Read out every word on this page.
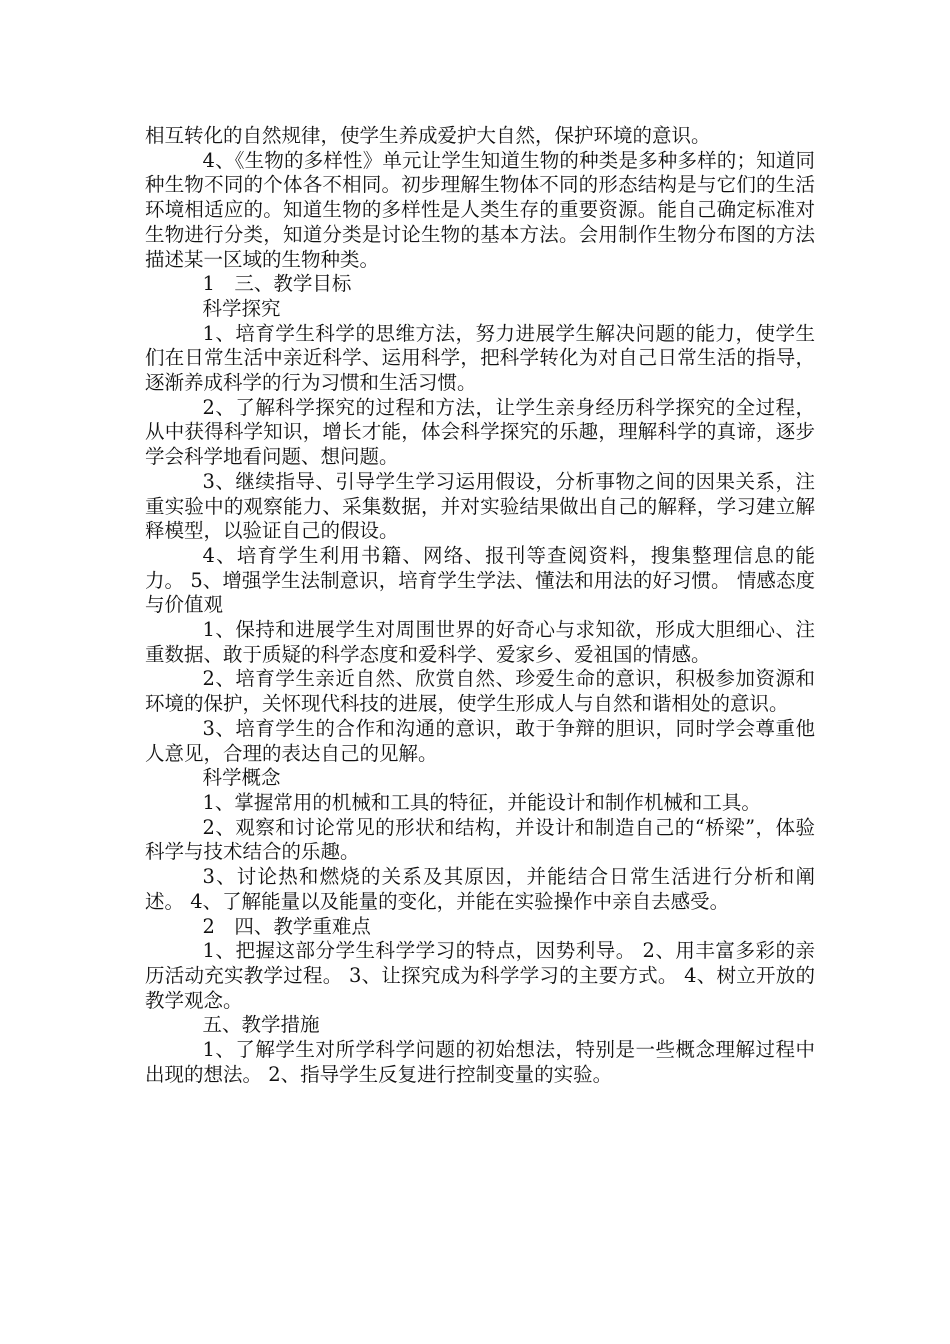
相互转化的自然规律，使学生养成爱护大自然，保护环境的意识。

4、《生物的多样性》单元让学生知道生物的种类是多种多样的；知道同种生物不同的个体各不相同。初步理解生物体不同的形态结构是与它们的生活环境相适应的。知道生物的多样性是人类生存的重要资源。能自己确定标准对生物进行分类，知道分类是讨论生物的基本方法。会用制作生物分布图的方法描述某一区域的生物种类。

1　三、教学目标

科学探究

1、培育学生科学的思维方法，努力进展学生解决问题的能力，使学生们在日常生活中亲近科学、运用科学，把科学转化为对自己日常生活的指导，逐渐养成科学的行为习惯和生活习惯。

2、了解科学探究的过程和方法，让学生亲身经历科学探究的全过程，从中获得科学知识，增长才能，体会科学探究的乐趣，理解科学的真谛，逐步学会科学地看问题、想问题。

3、继续指导、引导学生学习运用假设，分析事物之间的因果关系，注重实验中的观察能力、采集数据，并对实验结果做出自己的解释，学习建立解释模型，以验证自己的假设。

4、培育学生利用书籍、网络、报刊等查阅资料，搜集整理信息的能力。 5、增强学生法制意识，培育学生学法、懂法和用法的好习惯。 情感态度与价值观

1、保持和进展学生对周围世界的好奇心与求知欲，形成大胆细心、注重数据、敢于质疑的科学态度和爱科学、爱家乡、爱祖国的情感。

2、培育学生亲近自然、欣赏自然、珍爱生命的意识，积极参加资源和环境的保护，关怀现代科技的进展，使学生形成人与自然和谐相处的意识。

3、培育学生的合作和沟通的意识，敢于争辩的胆识，同时学会尊重他人意见，合理的表达自己的见解。

科学概念

1、掌握常用的机械和工具的特征，并能设计和制作机械和工具。

2、观察和讨论常见的形状和结构，并设计和制造自己的“桥梁”，体验科学与技术结合的乐趣。

3、讨论热和燃烧的关系及其原因，并能结合日常生活进行分析和阐述。 4、了解能量以及能量的变化，并能在实验操作中亲自去感受。

2　四、教学重难点

1、把握这部分学生科学学习的特点，因势利导。 2、用丰富多彩的亲历活动充实教学过程。 3、让探究成为科学学习的主要方式。 4、树立开放的教学观念。

五、教学措施

1、了解学生对所学科学问题的初始想法，特别是一些概念理解过程中出现的想法。 2、指导学生反复进行控制变量的实验。
